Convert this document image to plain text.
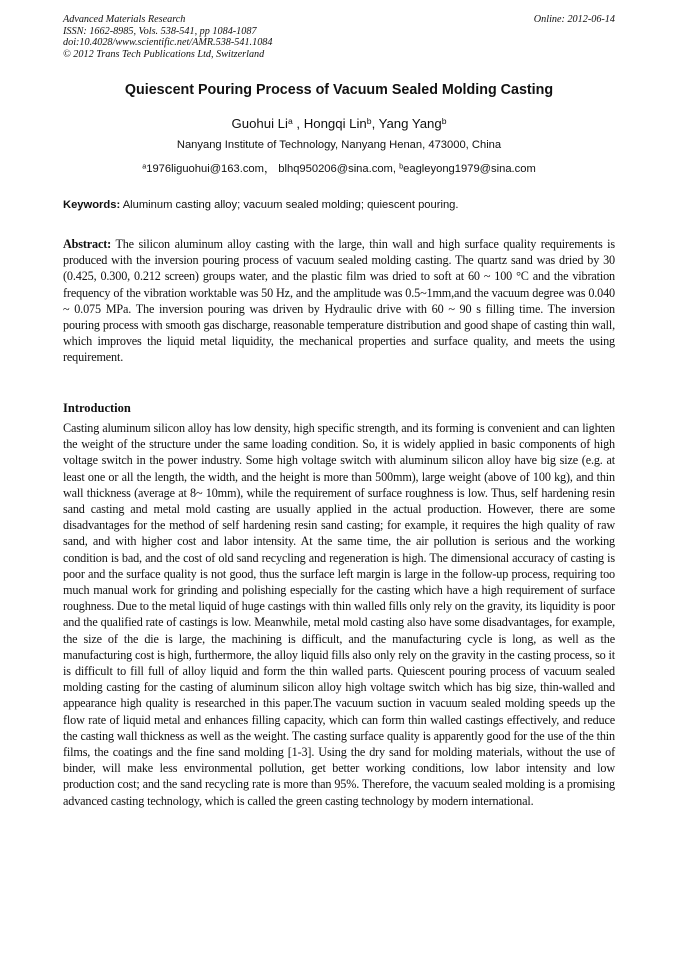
Advanced Materials Research
ISSN: 1662-8985, Vols. 538-541, pp 1084-1087
doi:10.4028/www.scientific.net/AMR.538-541.1084
© 2012 Trans Tech Publications Ltd, Switzerland
Online: 2012-06-14
Quiescent Pouring Process of Vacuum Sealed Molding Casting
Guohui Li$^a$ , Hongqi Lin$^b$, Yang Yang$^b$
Nanyang Institute of Technology, Nanyang Henan, 473000, China
$^a$1976liguohui@163.com， blhq950206@sina.com, $^b$eagleyong1979@sina.com
Keywords: Aluminum casting alloy; vacuum sealed molding; quiescent pouring.
Abstract: The silicon aluminum alloy casting with the large, thin wall and high surface quality requirements is produced with the inversion pouring process of vacuum sealed molding casting. The quartz sand was dried by 30 (0.425, 0.300, 0.212 screen) groups water, and the plastic film was dried to soft at 60 ~ 100 °C and the vibration frequency of the vibration worktable was 50 Hz, and the amplitude was 0.5~1mm,and the vacuum degree was 0.040 ~ 0.075 MPa. The inversion pouring was driven by Hydraulic drive with 60 ~ 90 s filling time. The inversion pouring process with smooth gas discharge, reasonable temperature distribution and good shape of casting thin wall, which improves the liquid metal liquidity, the mechanical properties and surface quality, and meets the using requirement.
Introduction
Casting aluminum silicon alloy has low density, high specific strength, and its forming is convenient and can lighten the weight of the structure under the same loading condition. So, it is widely applied in basic components of high voltage switch in the power industry. Some high voltage switch with aluminum silicon alloy have big size (e.g. at least one or all the length, the width, and the height is more than 500mm), large weight (above of 100 kg), and thin wall thickness (average at 8~ 10mm), while the requirement of surface roughness is low. Thus, self hardening resin sand casting and metal mold casting are usually applied in the actual production. However, there are some disadvantages for the method of self hardening resin sand casting; for example, it requires the high quality of raw sand, and with higher cost and labor intensity. At the same time, the air pollution is serious and the working condition is bad, and the cost of old sand recycling and regeneration is high. The dimensional accuracy of casting is poor and the surface quality is not good, thus the surface left margin is large in the follow-up process, requiring too much manual work for grinding and polishing especially for the casting which have a high requirement of surface roughness. Due to the metal liquid of huge castings with thin walled fills only rely on the gravity, its liquidity is poor and the qualified rate of castings is low. Meanwhile, metal mold casting also have some disadvantages, for example, the size of the die is large, the machining is difficult, and the manufacturing cycle is long, as well as the manufacturing cost is high, furthermore, the alloy liquid fills also only rely on the gravity in the casting process, so it is difficult to fill full of alloy liquid and form the thin walled parts. Quiescent pouring process of vacuum sealed molding casting for the casting of aluminum silicon alloy high voltage switch which has big size, thin-walled and appearance high quality is researched in this paper.The vacuum suction in vacuum sealed molding speeds up the flow rate of liquid metal and enhances filling capacity, which can form thin walled castings effectively, and reduce the casting wall thickness as well as the weight. The casting surface quality is apparently good for the use of the thin films, the coatings and the fine sand molding [1-3]. Using the dry sand for molding materials, without the use of binder, will make less environmental pollution, get better working conditions, low labor intensity and low production cost; and the sand recycling rate is more than 95%. Therefore, the vacuum sealed molding is a promising advanced casting technology, which is called the green casting technology by modern international.
